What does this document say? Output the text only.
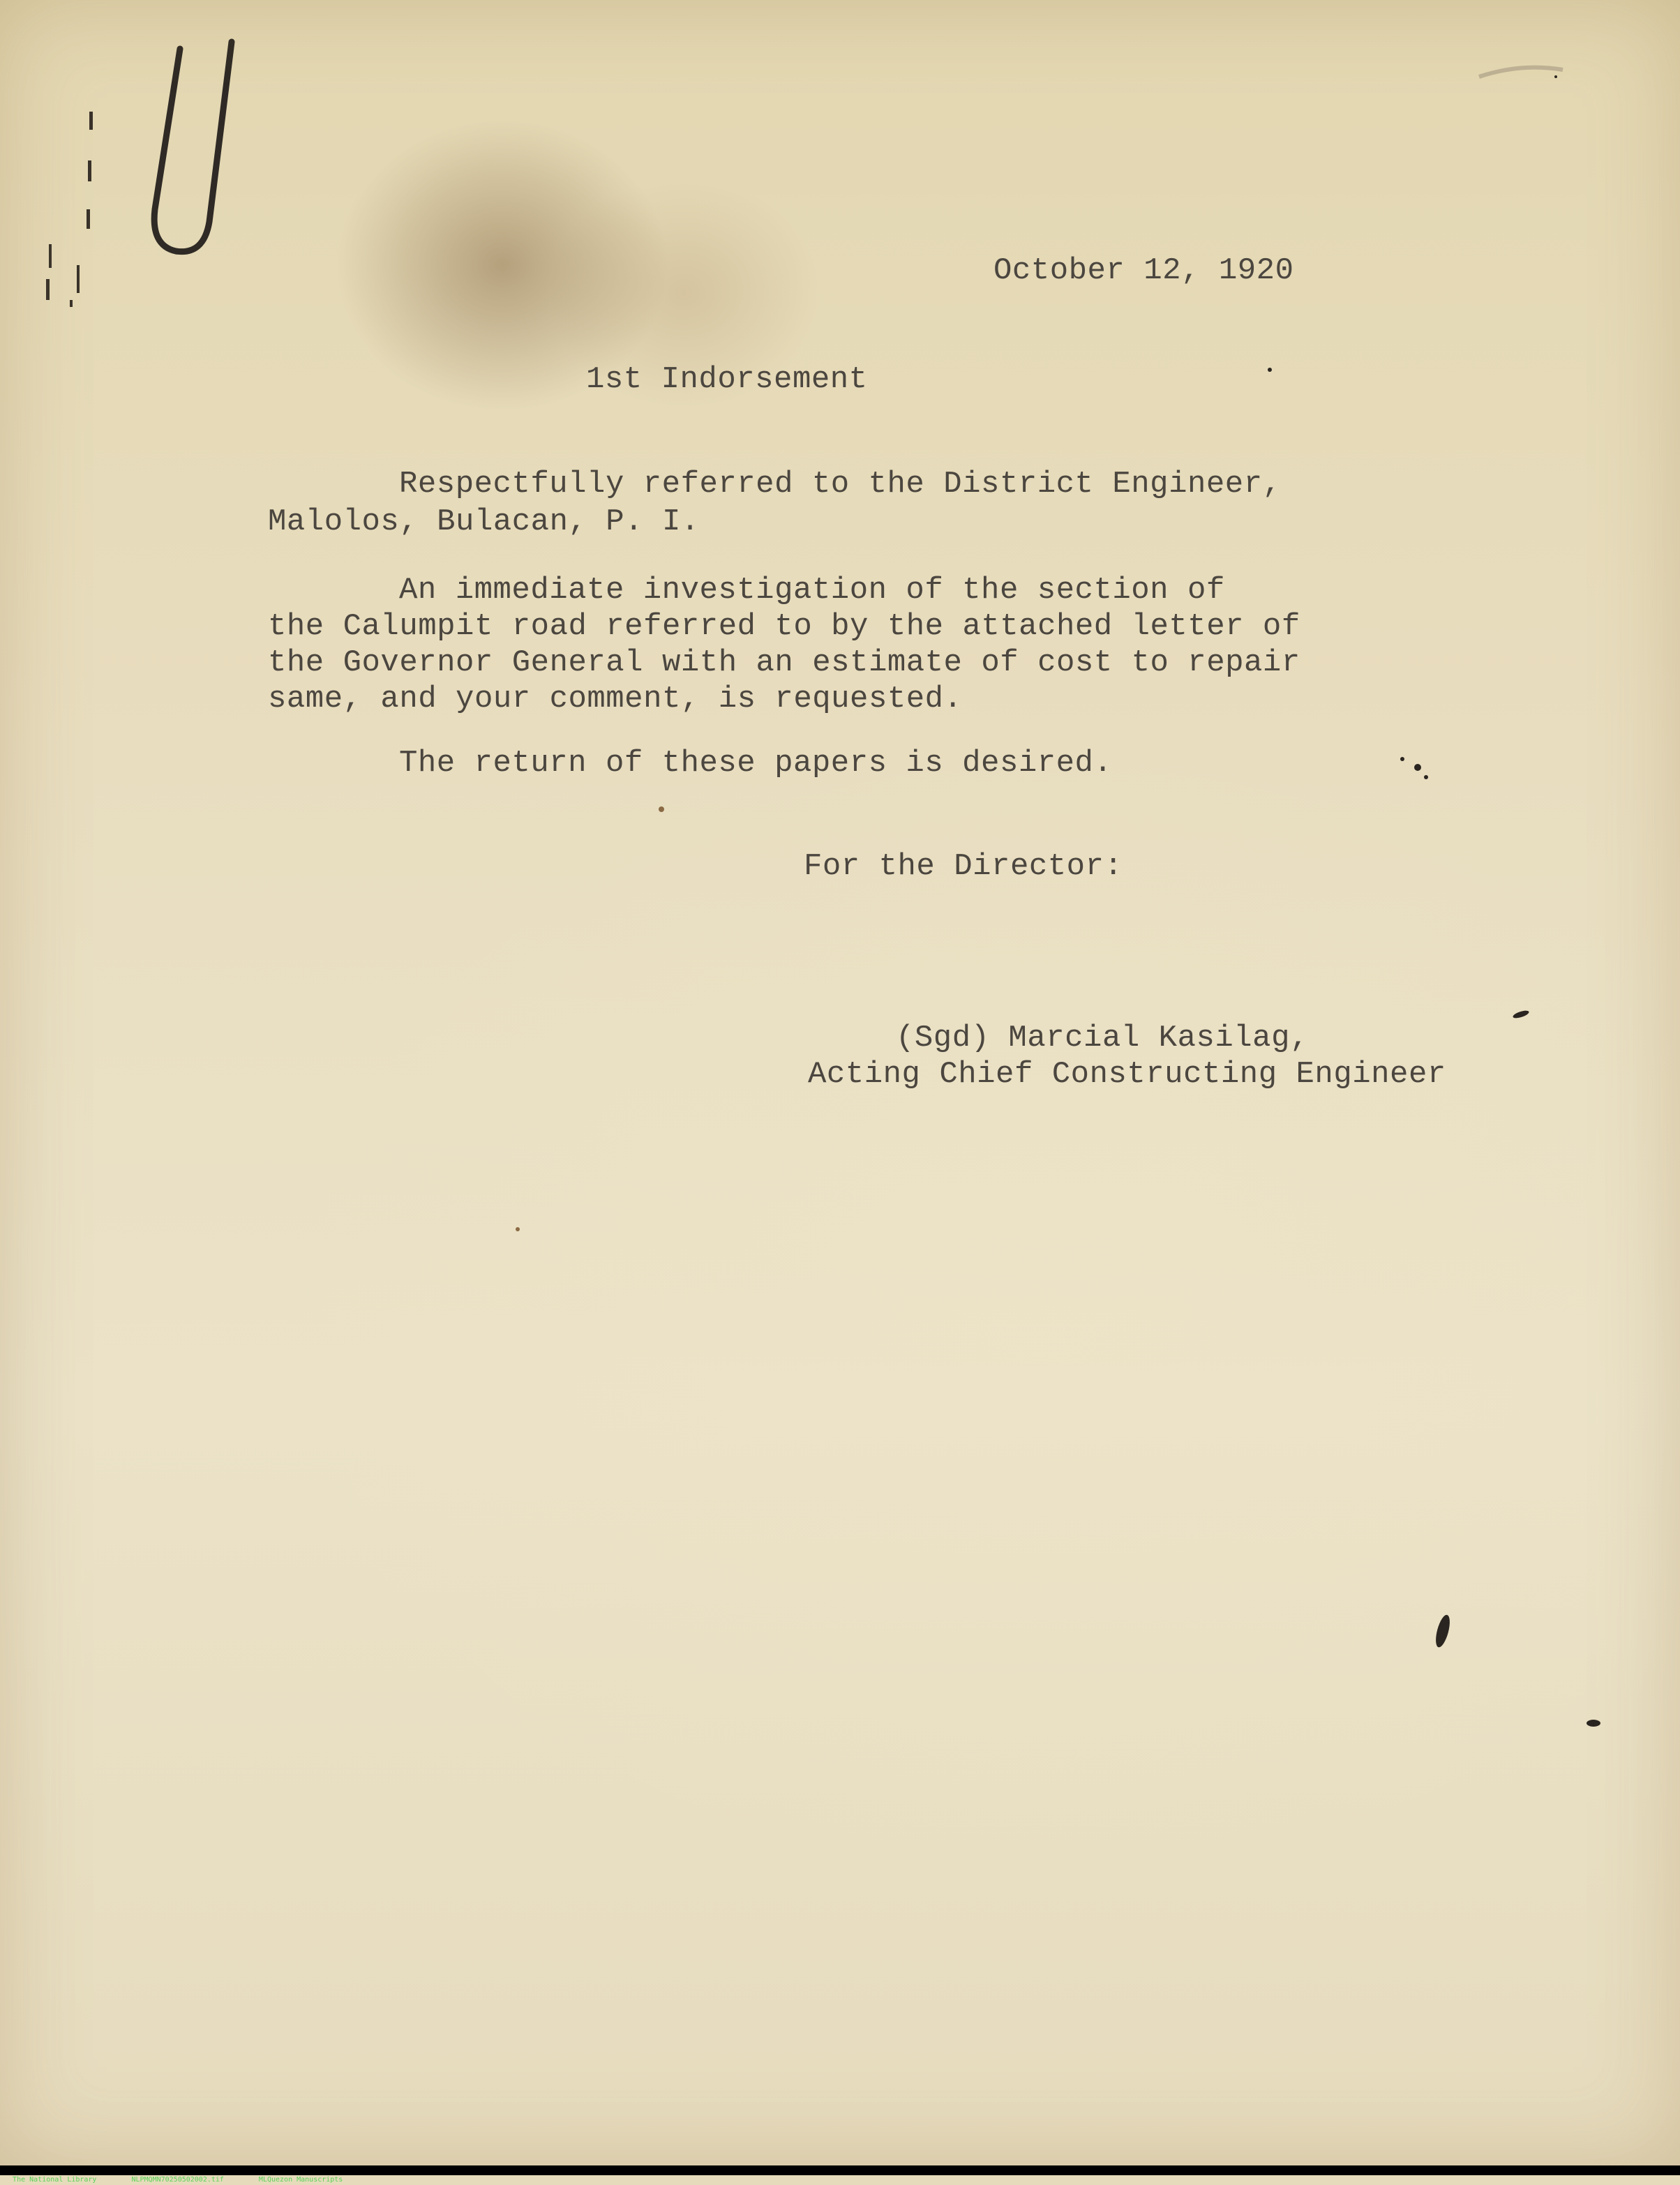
October 12, 1920

1st Indorsement

Respectfully referred to the District Engineer,

Malolos, Bulacan, P. I.

An immediate investigation of the section of

the Calumpit road referred to by the attached letter of

the Governor General with an estimate of cost to repair

same, and your comment, is requested.

The return of these papers is desired.

For the Director:

(Sgd) Marcial Kasilag,

Acting Chief Constructing Engineer

The National Library	NLPMQMN70250502002.tif	MLQuezon Manuscripts
